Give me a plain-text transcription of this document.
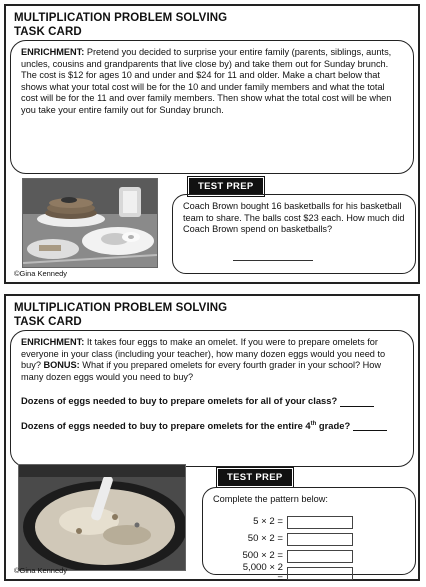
MULTIPLICATION PROBLEM SOLVING
TASK CARD
ENRICHMENT: Pretend you decided to surprise your entire family (parents, siblings, aunts, uncles, cousins and grandparents that live close by) and take them out for Sunday brunch. The cost is $12 for ages 10 and under and $24 for 11 and older. Make a chart below that shows what your total cost will be for the 10 and under family members and what the total cost will be for the 11 and over family members. Then show what the total cost will be when you take your entire family out for Sunday brunch.
©Gina Kennedy
TEST PREP
Coach Brown bought 16 basketballs for his basketball team to share. The balls cost $23 each. How much did Coach Brown spend on basketballs?
MULTIPLICATION PROBLEM SOLVING
TASK CARD
ENRICHMENT: It takes four eggs to make an omelet. If you were to prepare omelets for everyone in your class (including your teacher), how many dozen eggs would you need to buy? BONUS: What if you prepared omelets for every fourth grader in your school? How many dozen eggs would you need to buy?
Dozens of eggs needed to buy to prepare omelets for all of your class?
Dozens of eggs needed to buy to prepare omelets for the entire 4th grade?
©Gina Kennedy
TEST PREP
Complete the pattern below:
5 × 2 =
50 × 2 =
500 × 2 =
5,000 × 2 =
